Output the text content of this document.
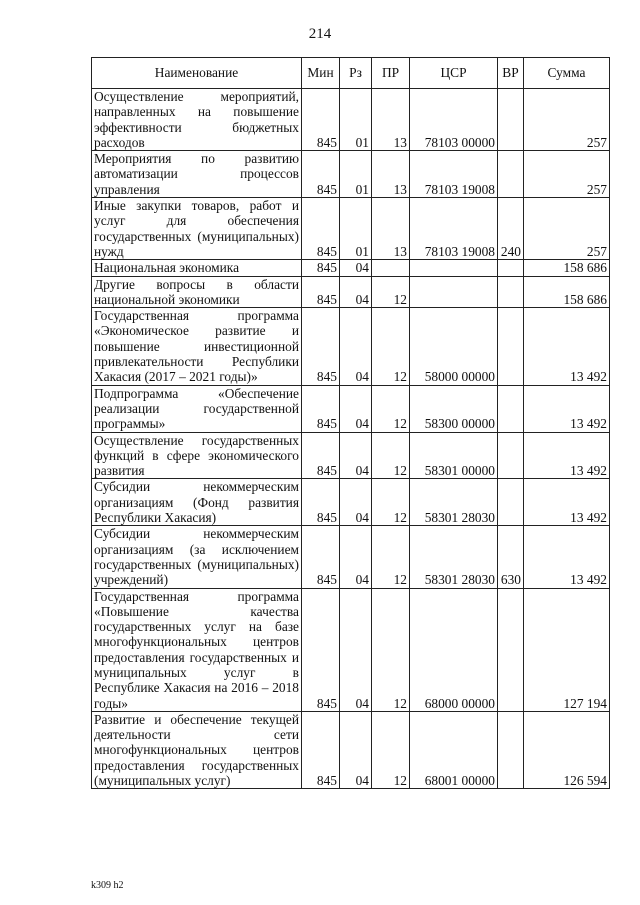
214
Наименование	Мин	Рз	ПР	ЦСР	ВР	Сумма
Осуществление мероприятий, направленных на повышение эффективности бюджетных расходов	845	01	13	78103 00000		257
Мероприятия по развитию автоматизации процессов управления	845	01	13	78103 19008		257
Иные закупки товаров, работ и услуг для обеспечения государственных (муниципальных) нужд	845	01	13	78103 19008	240	257
Национальная экономика	845	04				158 686
Другие вопросы в области национальной экономики	845	04	12			158 686
Государственная программа «Экономическое развитие и повышение инвестиционной привлекательности Республики Хакасия (2017 – 2021 годы)»	845	04	12	58000 00000		13 492
Подпрограмма «Обеспечение реализации государственной программы»	845	04	12	58300 00000		13 492
Осуществление государственных функций в сфере экономического развития	845	04	12	58301 00000		13 492
Субсидии некоммерческим организациям (Фонд развития Республики Хакасия)	845	04	12	58301 28030		13 492
Субсидии некоммерческим организациям (за исключением государственных (муниципальных) учреждений)	845	04	12	58301 28030	630	13 492
Государственная программа «Повышение качества государственных услуг на базе многофункциональных центров предоставления государственных и муниципальных услуг в Республике Хакасия на 2016 – 2018 годы»	845	04	12	68000 00000		127 194
Развитие и обеспечение текущей деятельности сети многофункциональных центров предоставления государственных (муниципальных услуг)	845	04	12	68001 00000		126 594
k309 h2
